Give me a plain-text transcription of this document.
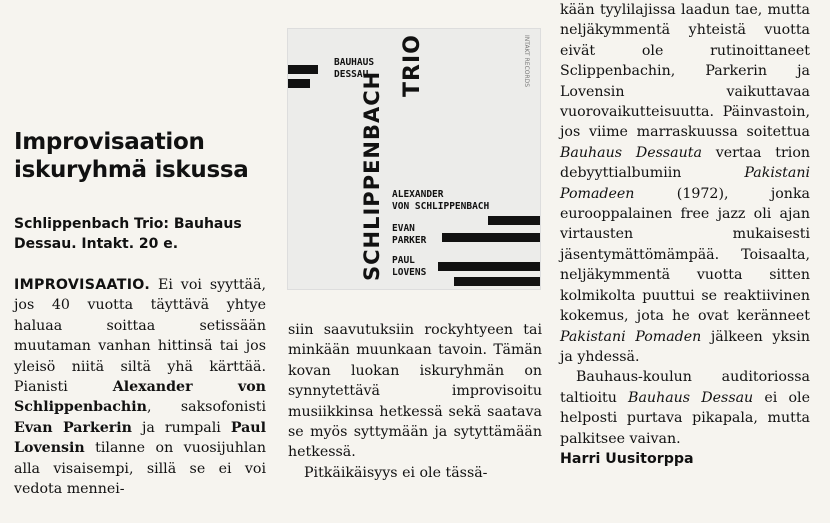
Improvisaation
iskuryhmä iskussa
Schlippenbach Trio: Bauhaus Dessau. Intakt. 20 e.

IMPROVISAATIO. Ei voi syyttää, jos 40 vuotta täyttävä yhtye haluaa soittaa setissään muutaman vanhan hittinsä tai jos yleisö niitä siltä yhä kärttää. Pianisti Alexander von Schlippenbachin, saksofonisti Evan Parkerin ja rumpali Paul Lovensin tilanne on vuosijuhlan alla visaisempi, sillä se ei voi vedota mennei-

BAUHAUS
DESSAU
SCHLIPPENBACH
TRIO	INTAKT RECORDS
ALEXANDER
VON SCHLIPPENBACH
EVAN
PARKER
PAUL
LOVENS

siin saavutuksiin rockyhtyeen tai minkään muunkaan tavoin. Tämän kovan luokan iskuryhmän on synnytettävä improvisoitu musiikkinsa hetkessä sekä saatava se myös syttymään ja sytyttämään hetkessä.

Pitkäikäisyys ei ole tässä-

kään tyylilajissa laadun tae, mutta neljäkymmentä yhteistä vuotta eivät ole rutinoittaneet Sclippenbachin, Parkerin ja Lovensin vaikuttavaa vuorovaikutteisuutta. Päinvastoin, jos viime marraskuussa soitettua Bauhaus Dessauta vertaa trion debyyttialbumiin Pakistani Pomadeen (1972), jonka eurooppalainen free jazz oli ajan virtausten mukaisesti jäsentymättömämpää. Toisaalta, neljäkymmentä vuotta sitten kolmikolta puuttui se reaktiivinen kokemus, jota he ovat keränneet Pakistani Pomaden jälkeen yksin ja yhdessä.

Bauhaus-koulun auditoriossa taltioitu Bauhaus Dessau ei ole helposti purtava pikapala, mutta palkitsee vaivan.

Harri Uusitorppa
